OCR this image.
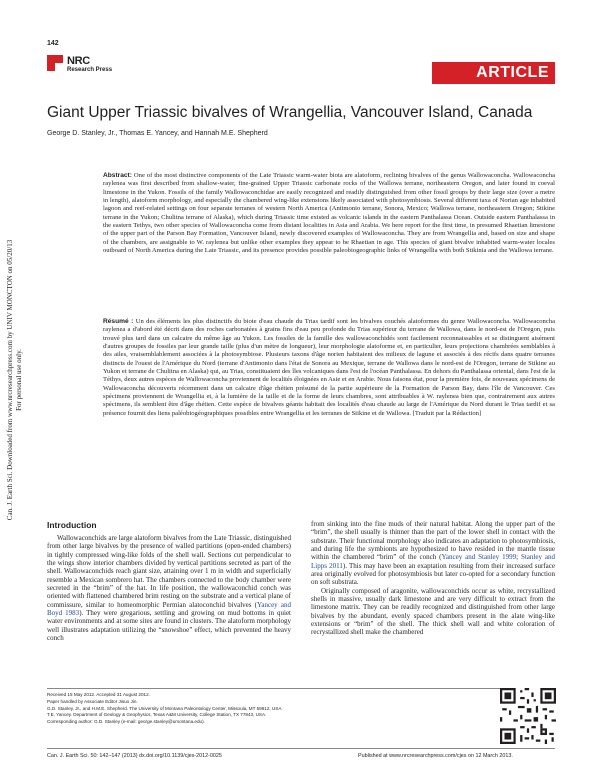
142
NRC
Research Press	ARTICLE
Giant Upper Triassic bivalves of Wrangellia, Vancouver Island, Canada
George D. Stanley, Jr., Thomas E. Yancey, and Hannah M.E. Shepherd
Can. J. Earth Sci. Downloaded from www.nrcresearchpress.com by UNIV MONCTON on 05/20/13 For personal use only.
Abstract: One of the most distinctive components of the Late Triassic warm-water biota are alatoform, reclining bivalves of the genus Wallowaconcha. Wallowaconcha raylenea was first described from shallow-water, fine-grained Upper Triassic carbonate rocks of the Wallowa terrane, northeastern Oregon, and later found in coeval limestone in the Yukon. Fossils of the family Wallowaconchidae are easily recognized and readily distinguished from other fossil groups by their large size (over a metre in length), alatoform morphology, and especially the chambered wing-like extensions likely associated with photosymbiosis. Several different taxa of Norian age inhabited lagoon and reef-related settings on four separate terranes of western North America (Antimonio terrane, Sonora, Mexico; Wallowa terrane, northeastern Oregon; Stikine terrane in the Yukon; Chulitna terrane of Alaska), which during Triassic time existed as volcanic islands in the eastern Panthalassa Ocean. Outside eastern Panthalassa in the eastern Tethys, two other species of Wallowaconcha come from distant localities in Asia and Arabia. We here report for the first time, in presumed Rhaetian limestone of the upper part of the Parson Bay Formation, Vancouver Island, newly discovered examples of Wallowaconcha. They are from Wrangellia and, based on size and shape of the chambers, are assignable to W. raylenea but unlike other examples they appear to be Rhaetian in age. This species of giant bivalve inhabited warm-water locales outboard of North America during the Late Triassic, and its presence provides possible paleobiogeographic links of Wrangellia with both Stikinia and the Wallowa terrane.
Résumé : Un des éléments les plus distinctifs du biote d'eau chaude du Trias tardif sont les bivalves couchés alatoformes du genre Wallowaconcha. Wallowaconcha raylenea a d'abord été décrit dans des roches carbonatées à grains fins d'eau peu profonde du Trias supérieur du terrane de Wallowa, dans le nord-est de l'Oregon, puis trouvé plus tard dans un calcaire du même âge au Yukon. Les fossiles de la famille des wallowaconchidés sont facilement reconnaissables et se distinguent aisément d'autres groupes de fossiles par leur grande taille (plus d'un mètre de longueur), leur morphologie alatoforme et, en particulier, leurs projections chambrées semblables à des ailes, vraisemblablement associées à la photosymbiose. Plusieurs taxons d'âge norien habitaient des milieux de lagune et associés à des récifs dans quatre terranes distincts de l'ouest de l'Amérique du Nord (terrane d'Antimonio dans l'état de Sonora au Mexique, terrane de Wallowa dans le nord-est de l'Oregon, terrane de Stikine au Yukon et terrane de Chulitna en Alaska) qui, au Trias, constituaient des îles volcaniques dans l'est de l'océan Panthalassa. En dehors du Panthalassa oriental, dans l'est de la Téthys, deux autres espèces de Wallowaconcha proviennent de localités éloignées en Asie et en Arabie. Nous faisons état, pour la première fois, de nouveaux spécimens de Wallowaconcha découverts récemment dans un calcaire d'âge rhétien présumé de la partie supérieure de la Formation de Parson Bay, dans l'île de Vancouver. Ces spécimens proviennent de Wrangellia et, à la lumière de la taille et de la forme de leurs chambres, sont attribuables à W. raylenea bien que, contrairement aux autres spécimens, ils semblent être d'âge rhétien. Cette espèce de bivalves géants habitait des localités d'eau chaude au large de l'Amérique du Nord durant le Trias tardif et sa présence fournit des liens paléobiogéographiques possibles entre Wrangellia et les terranes de Stikine et de Wallowa. [Traduit par la Rédaction]
Introduction

Wallowaconchids are large alatoform bivalves from the Late Triassic, distinguished from other large bivalves by the presence of walled partitions (open-ended chambers) in tightly compressed wing-like folds of the shell wall. Sections cut perpendicular to the wings show interior chambers divided by vertical partitions secreted as part of the shell. Wallowaconchids reach giant size, attaining over 1 m in width and superficially resemble a Mexican sombrero hat. The chambers connected to the body chamber were secreted in the “brim” of the hat. In life position, the wallowaconchid conch was oriented with flattened chambered brim resting on the substrate and a vertical plane of commissure, similar to homeomorphic Permian alatoconchid bivalves (Yancey and Boyd 1983). They were gregarious, settling and growing on mud bottoms in quiet water environments and at some sites are found in clusters. The alatoform morphology well illustrates adaptation utilizing the “snowshoe” effect, which prevented the heavy conch

from sinking into the fine muds of their natural habitat. Along the upper part of the “brim”, the shell usually is thinner than the part of the lower shell in contact with the substrate. Their functional morphology also indicates an adaptation to photosymbiosis, and during life the symbionts are hypothesized to have resided in the mantle tissue within the chambered “brim” of the conch (Yancey and Stanley 1999; Stanley and Lipps 2011). This may have been an exaptation resulting from their increased surface area originally evolved for photosymbiosis but later co-opted for a secondary function on soft substrata.

Originally composed of aragonite, wallowaconchids occur as white, recrystallized shells in massive, usually dark limestone and are very difficult to extract from the limestone matrix. They can be readily recognized and distinguished from other large bivalves by the abundant, evenly spaced chambers present in the alate wing-like extensions or “brim” of the shell. The thick shell wall and white coloration of recrystallized shell make the chambered

Received 15 May 2012. Accepted 31 August 2012.
Paper handled by Associate Editor Jisuo Jin.
G.D. Stanley, Jr., and H.M.E. Shepherd. The University of Montana Paleontology Center, Missoula, MT 59812, USA.
T.E. Yancey. Department of Geology & Geophysics, Texas A&M University, College Station, TX 77843, USA.
Corresponding author: G.D. Stanley (e-mail: george.stanley@umontana.edu).
Can. J. Earth Sci. 50: 142–147 (2013) dx.doi.org/10.1139/cjes-2012-0025	Published at www.nrcresearchpress.com/cjes on 12 March 2013.
